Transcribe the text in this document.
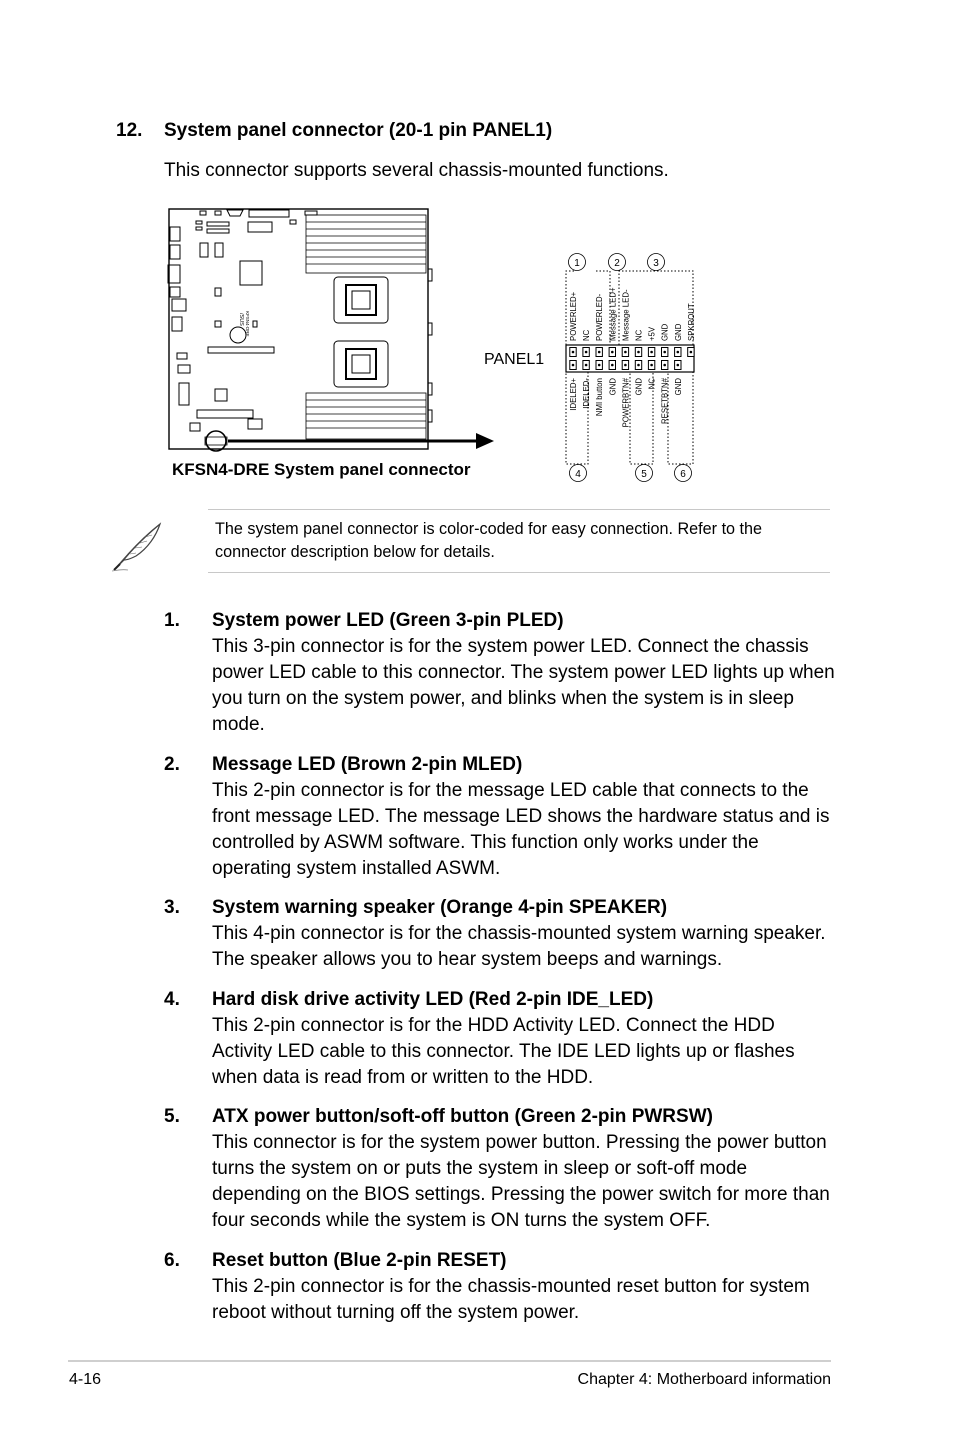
12. System panel connector (20-1 pin PANEL1)
This connector supports several chassis-mounted functions.
/SUS KFSN4-DRE
KFSN4-DRE System panel connector
PANEL1
1	2	3
4	5	6
POWERLED+ NC POWERLED- Message LED+ Message LED- NC +5V GND GND SPKROUT
IDELED+ IDELED- NMI button GND POWERBTN# GND NC RESETBTN# GND
The system panel connector is color-coded for easy connection. Refer to the connector description below for details.
1. System power LED (Green 3-pin PLED)
This 3-pin connector is for the system power LED. Connect the chassis power LED cable to this connector. The system power LED lights up when you turn on the system power, and blinks when the system is in sleep mode.
2. Message LED (Brown 2-pin MLED)
This 2-pin connector is for the message LED cable that connects to the front message LED. The message LED shows the hardware status and is controlled by ASWM software. This function only works under the operating system installed ASWM.
3. System warning speaker (Orange 4-pin SPEAKER)
This 4-pin connector is for the chassis-mounted system warning speaker. The speaker allows you to hear system beeps and warnings.
4. Hard disk drive activity LED (Red 2-pin IDE_LED)
This 2-pin connector is for the HDD Activity LED. Connect the HDD Activity LED cable to this connector. The IDE LED lights up or flashes when data is read from or written to the HDD.
5. ATX power button/soft-off button (Green 2-pin PWRSW)
This connector is for the system power button. Pressing the power button turns the system on or puts the system in sleep or soft-off mode depending on the BIOS settings. Pressing the power switch for more than four seconds while the system is ON turns the system OFF.
6. Reset button (Blue 2-pin RESET)
This 2-pin connector is for the chassis-mounted reset button for system reboot without turning off the system power.
4-16	Chapter 4: Motherboard information
